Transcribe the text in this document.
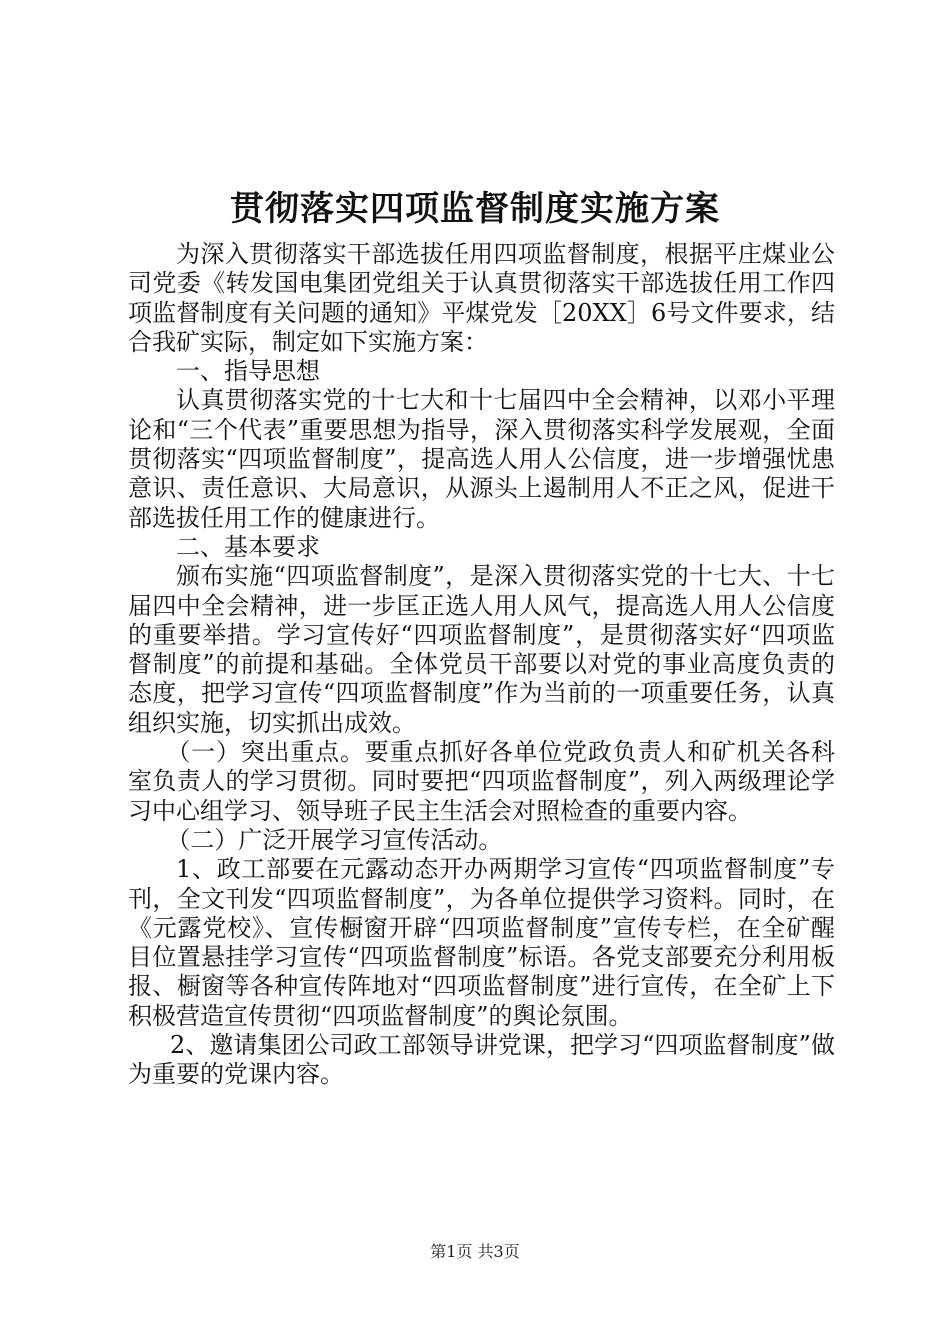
贯彻落实四项监督制度实施方案

为深入贯彻落实干部选拔任用四项监督制度，根据平庄煤业公司党委《转发国电集团党组关于认真贯彻落实干部选拔任用工作四项监督制度有关问题的通知》平煤党发［20XX］6号文件要求，结合我矿实际，制定如下实施方案：

一、指导思想

认真贯彻落实党的十七大和十七届四中全会精神，以邓小平理论和“三个代表”重要思想为指导，深入贯彻落实科学发展观，全面贯彻落实“四项监督制度”，提高选人用人公信度，进一步增强忧患意识、责任意识、大局意识，从源头上遏制用人不正之风，促进干部选拔任用工作的健康进行。

二、基本要求

颁布实施“四项监督制度”，是深入贯彻落实党的十七大、十七届四中全会精神，进一步匡正选人用人风气，提高选人用人公信度的重要举措。学习宣传好“四项监督制度”，是贯彻落实好“四项监督制度”的前提和基础。全体党员干部要以对党的事业高度负责的态度，把学习宣传“四项监督制度”作为当前的一项重要任务，认真组织实施，切实抓出成效。

（一）突出重点。要重点抓好各单位党政负责人和矿机关各科室负责人的学习贯彻。同时要把“四项监督制度”，列入两级理论学习中心组学习、领导班子民主生活会对照检查的重要内容。

（二）广泛开展学习宣传活动。

1、政工部要在元露动态开办两期学习宣传“四项监督制度”专刊，全文刊发“四项监督制度”，为各单位提供学习资料。同时，在《元露党校》、宣传橱窗开辟“四项监督制度”宣传专栏，在全矿醒目位置悬挂学习宣传“四项监督制度”标语。各党支部要充分利用板报、橱窗等各种宣传阵地对“四项监督制度”进行宣传，在全矿上下积极营造宣传贯彻“四项监督制度”的舆论氛围。

2、邀请集团公司政工部领导讲党课，把学习“四项监督制度”做为重要的党课内容。

第1页 共3页
